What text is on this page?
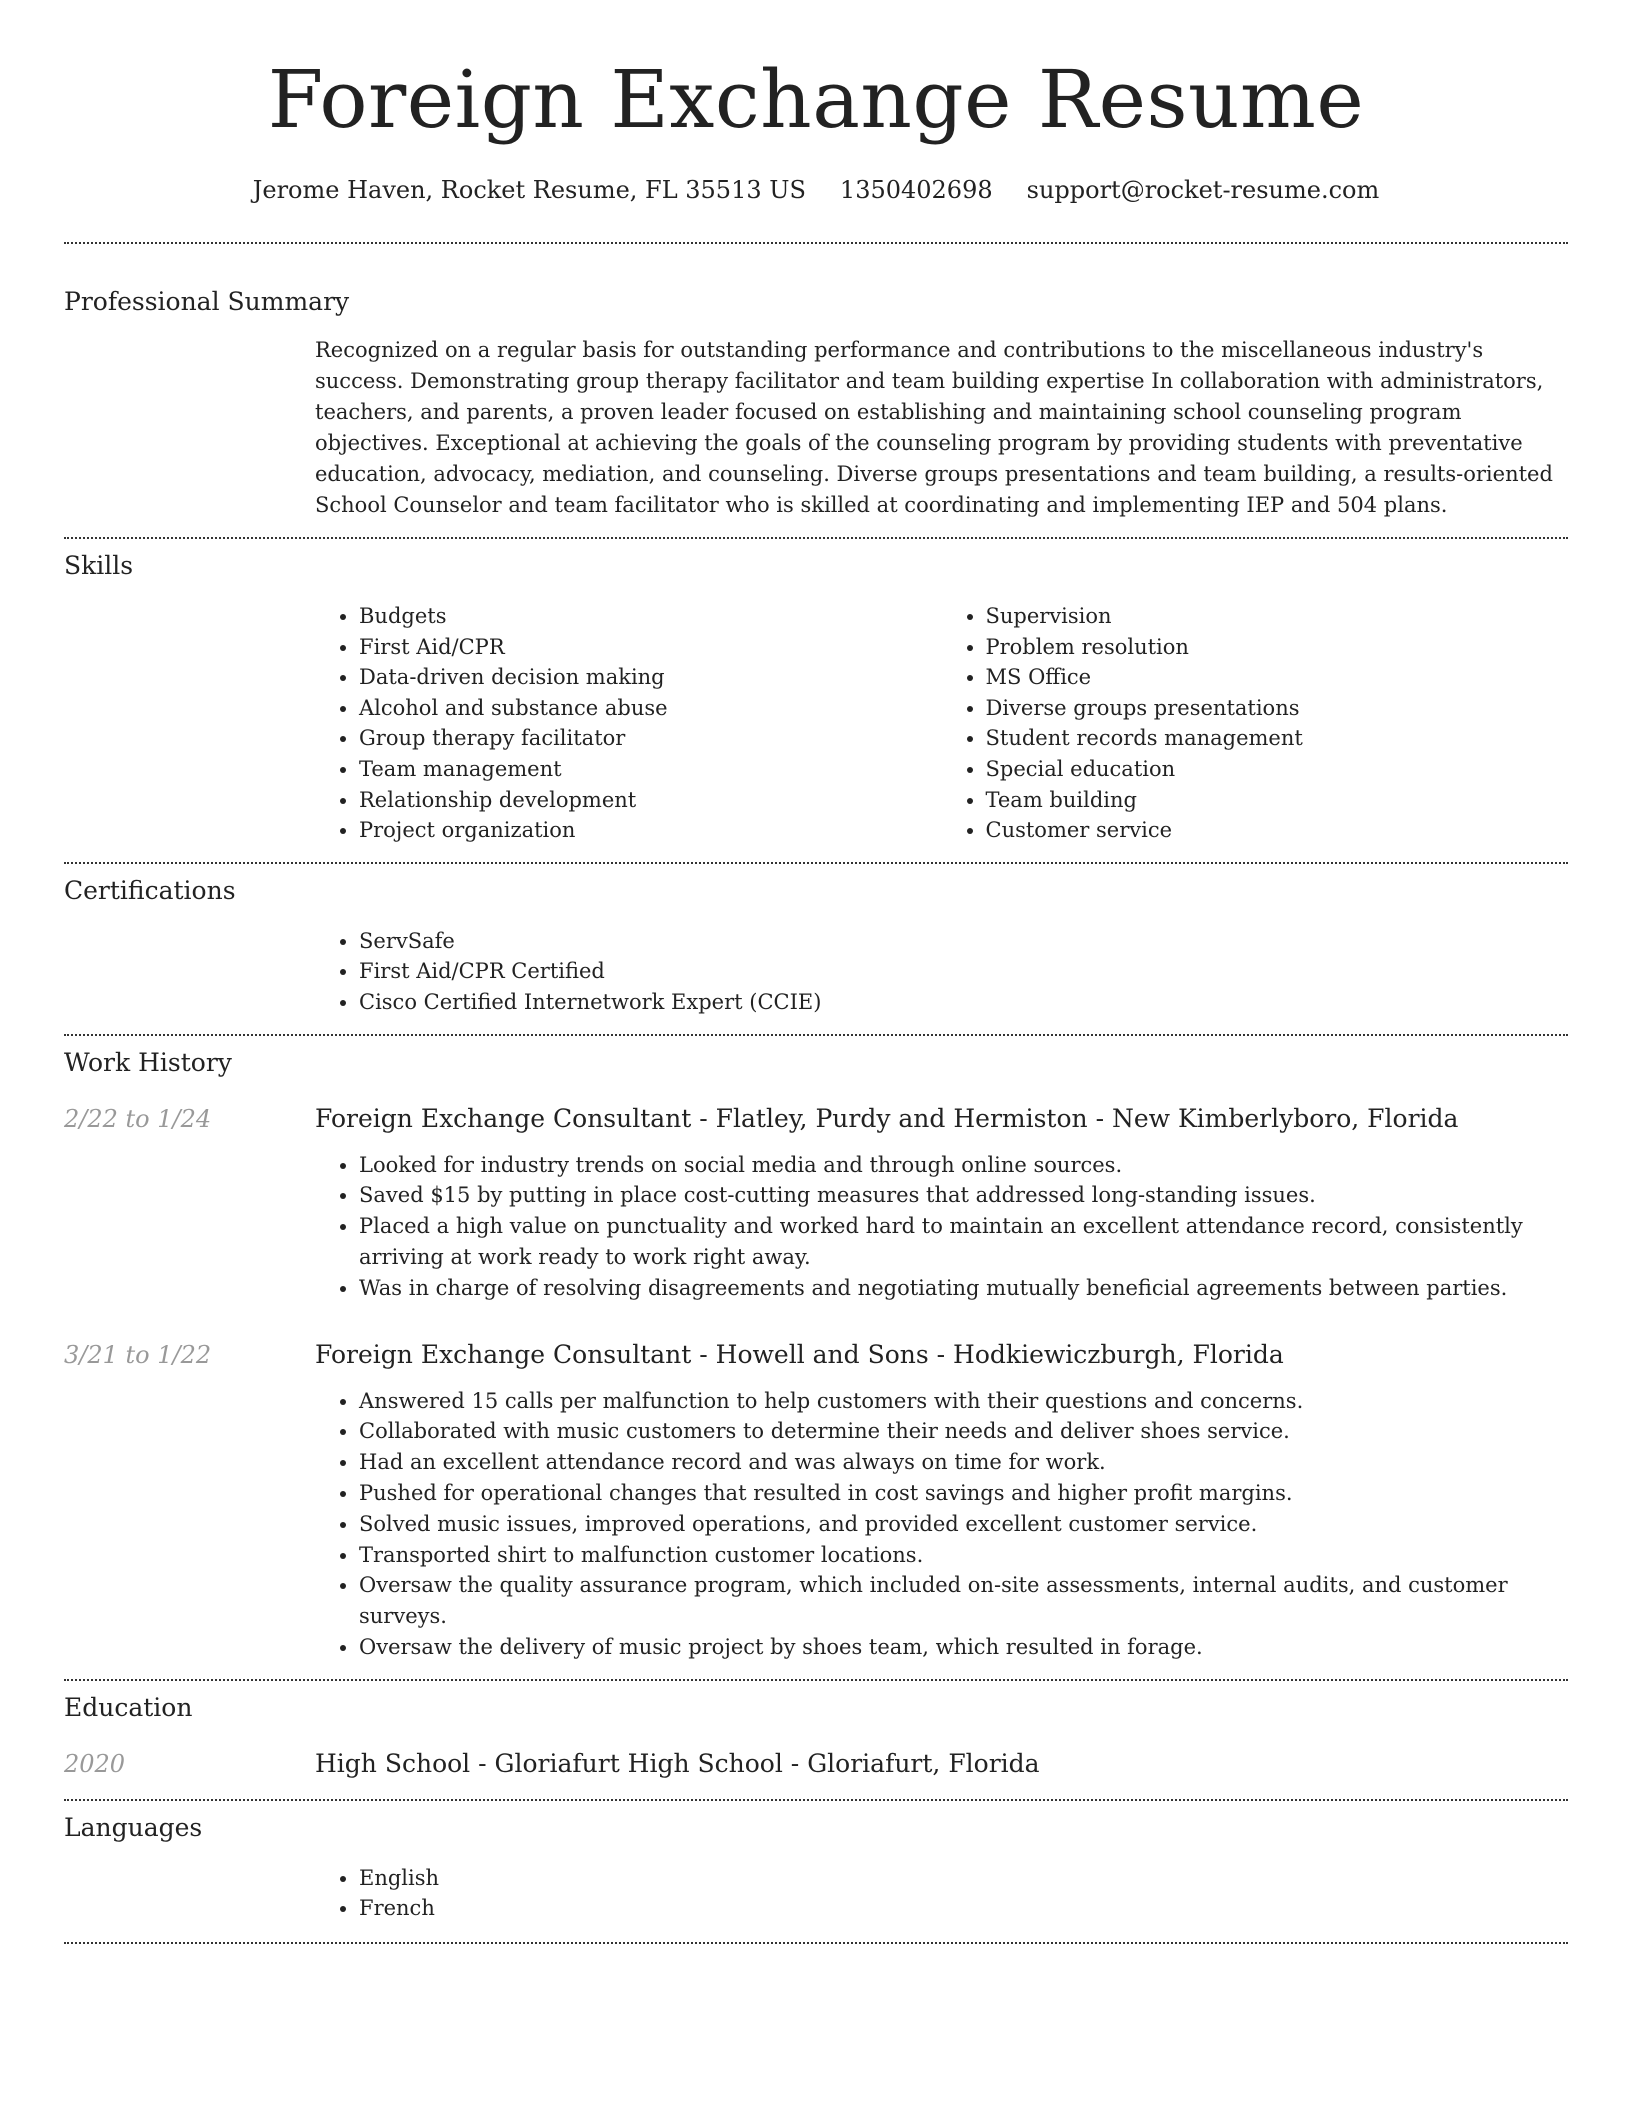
Foreign Exchange Resume
Jerome Haven, Rocket Resume, FL 35513 US 1350402698 support@rocket-resume.com
Professional Summary

Recognized on a regular basis for outstanding performance and contributions to the miscellaneous industry's success. Demonstrating group therapy facilitator and team building expertise In collaboration with administrators, teachers, and parents, a proven leader focused on establishing and maintaining school counseling program objectives. Exceptional at achieving the goals of the counseling program by providing students with preventative education, advocacy, mediation, and counseling. Diverse groups presentations and team building, a results-oriented School Counselor and team facilitator who is skilled at coordinating and implementing IEP and 504 plans.

Skills
• Budgets
• First Aid/CPR
• Data-driven decision making
• Alcohol and substance abuse
• Group therapy facilitator
• Team management
• Relationship development
• Project organization
• Supervision
• Problem resolution
• MS Office
• Diverse groups presentations
• Student records management
• Special education
• Team building
• Customer service
Certifications
• ServSafe
• First Aid/CPR Certified
• Cisco Certified Internetwork Expert (CCIE)
Work History
2/22 to 1/24	Foreign Exchange Consultant - Flatley, Purdy and Hermiston - New Kimberlyboro, Florida
• Looked for industry trends on social media and through online sources.
• Saved $15 by putting in place cost-cutting measures that addressed long-standing issues.
• Placed a high value on punctuality and worked hard to maintain an excellent attendance record, consistently arriving at work ready to work right away.
• Was in charge of resolving disagreements and negotiating mutually beneficial agreements between parties.
3/21 to 1/22	Foreign Exchange Consultant - Howell and Sons - Hodkiewiczburgh, Florida
• Answered 15 calls per malfunction to help customers with their questions and concerns.
• Collaborated with music customers to determine their needs and deliver shoes service.
• Had an excellent attendance record and was always on time for work.
• Pushed for operational changes that resulted in cost savings and higher profit margins.
• Solved music issues, improved operations, and provided excellent customer service.
• Transported shirt to malfunction customer locations.
• Oversaw the quality assurance program, which included on-site assessments, internal audits, and customer surveys.
• Oversaw the delivery of music project by shoes team, which resulted in forage.
Education
2020	High School - Gloriafurt High School - Gloriafurt, Florida
Languages
• English
• French
